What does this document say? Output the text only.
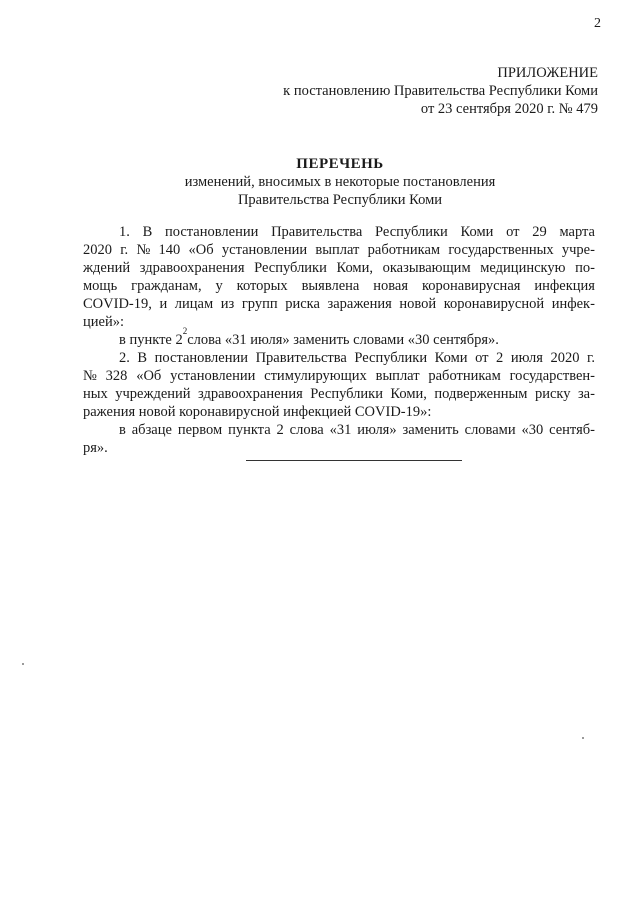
2
ПРИЛОЖЕНИЕ
к постановлению Правительства Республики Коми
от 23 сентября 2020 г. № 479
ПЕРЕЧЕНЬ
изменений, вносимых в некоторые постановления
Правительства Республики Коми
1. В постановлении Правительства Республики Коми от 29 марта
2020 г. № 140 «Об установлении выплат работникам государственных учре-
ждений здравоохранения Республики Коми, оказывающим медицинскую по-
мощь гражданам, у которых выявлена новая коронавирусная инфекция
COVID-19, и лицам из групп риска заражения новой коронавирусной инфек-
цией»:
в пункте 2
2
слова «31 июля» заменить словами «30 сентября».
2. В постановлении Правительства Республики Коми от 2 июля 2020 г.
№ 328 «Об установлении стимулирующих выплат работникам государствен-
ных учреждений здравоохранения Республики Коми, подверженным риску за-
ражения новой коронавирусной инфекцией COVID-19»:
в абзаце первом пункта 2 слова «31 июля» заменить словами «30 сентяб-
ря».
